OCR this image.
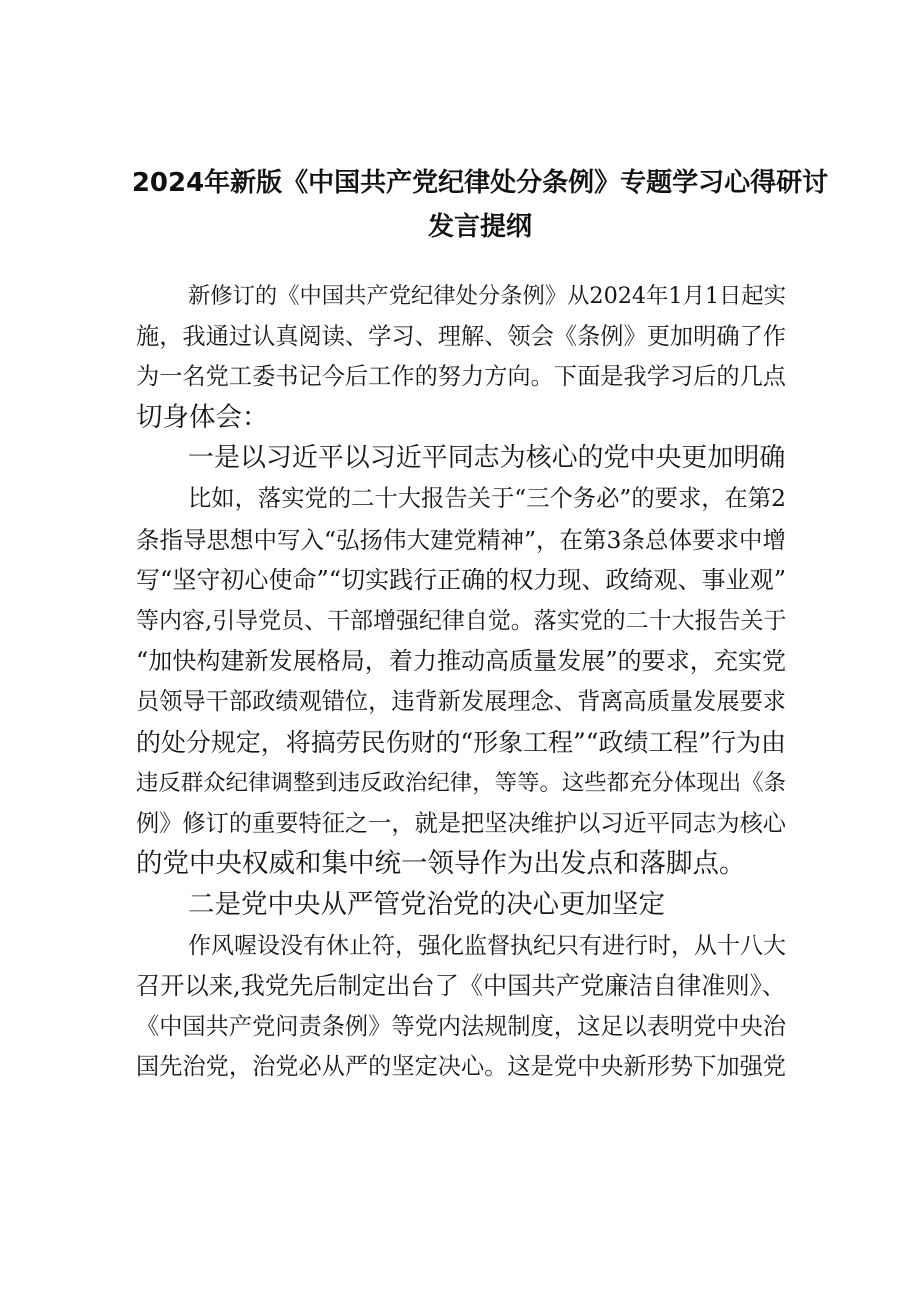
2024年新版《中国共产党纪律处分条例》专题学习心得研讨
发言提纲
新修订的《中国共产党纪律处分条例》从2024年1月1日起实
施，我通过认真阅读、学习、理解、领会《条例》更加明确了作
为一名党工委书记今后工作的努力方向。下面是我学习后的几点
切身体会：
一是以习近平以习近平同志为核心的党中央更加明确
比如，落实党的二十大报告关于“三个务必”的要求，在第2
条指导思想中写入“弘扬伟大建党精神”，在第3条总体要求中增
写“坚守初心使命”“切实践行正确的权力现、政绮观、事业观”
等内容,引导党员、干部增强纪律自觉。落实党的二十大报告关于
“加快构建新发展格局，着力推动高质量发展”的要求，充实党
员领导干部政绩观错位，违背新发展理念、背离高质量发展要求
的处分规定，将搞劳民伤财的“形象工程”“政绩工程”行为由
违反群众纪律调整到违反政治纪律，等等。这些都充分体现出《条
例》修订的重要特征之一，就是把坚决维护以习近平同志为核心
的党中央权威和集中统一领导作为出发点和落脚点。
二是党中央从严管党治党的决心更加坚定
作风喔设没有休止符，强化监督执纪只有进行时，从十八大
召开以来,我党先后制定出台了《中国共产党廉洁自律准则》、
《中国共产党问责条例》等党内法规制度，这足以表明党中央治
国先治党，治党必从严的坚定决心。这是党中央新形势下加强党
